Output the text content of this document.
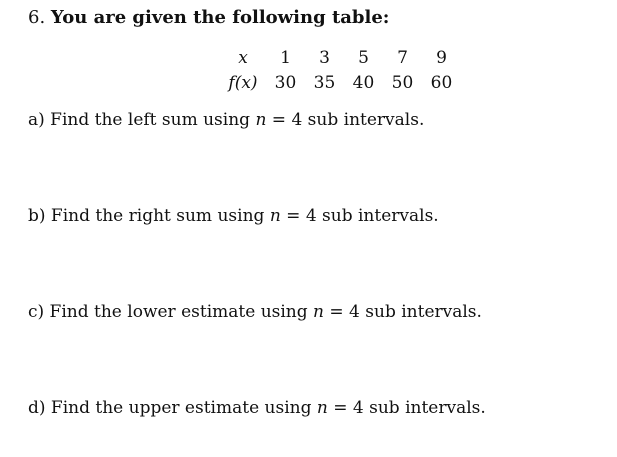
6. You are given the following table:
x	1	3	5	7	9
f(x)	30	35	40	50	60
a) Find the left sum using n = 4 sub intervals.
b) Find the right sum using n = 4 sub intervals.
c) Find the lower estimate using n = 4 sub intervals.
d) Find the upper estimate using n = 4 sub intervals.
